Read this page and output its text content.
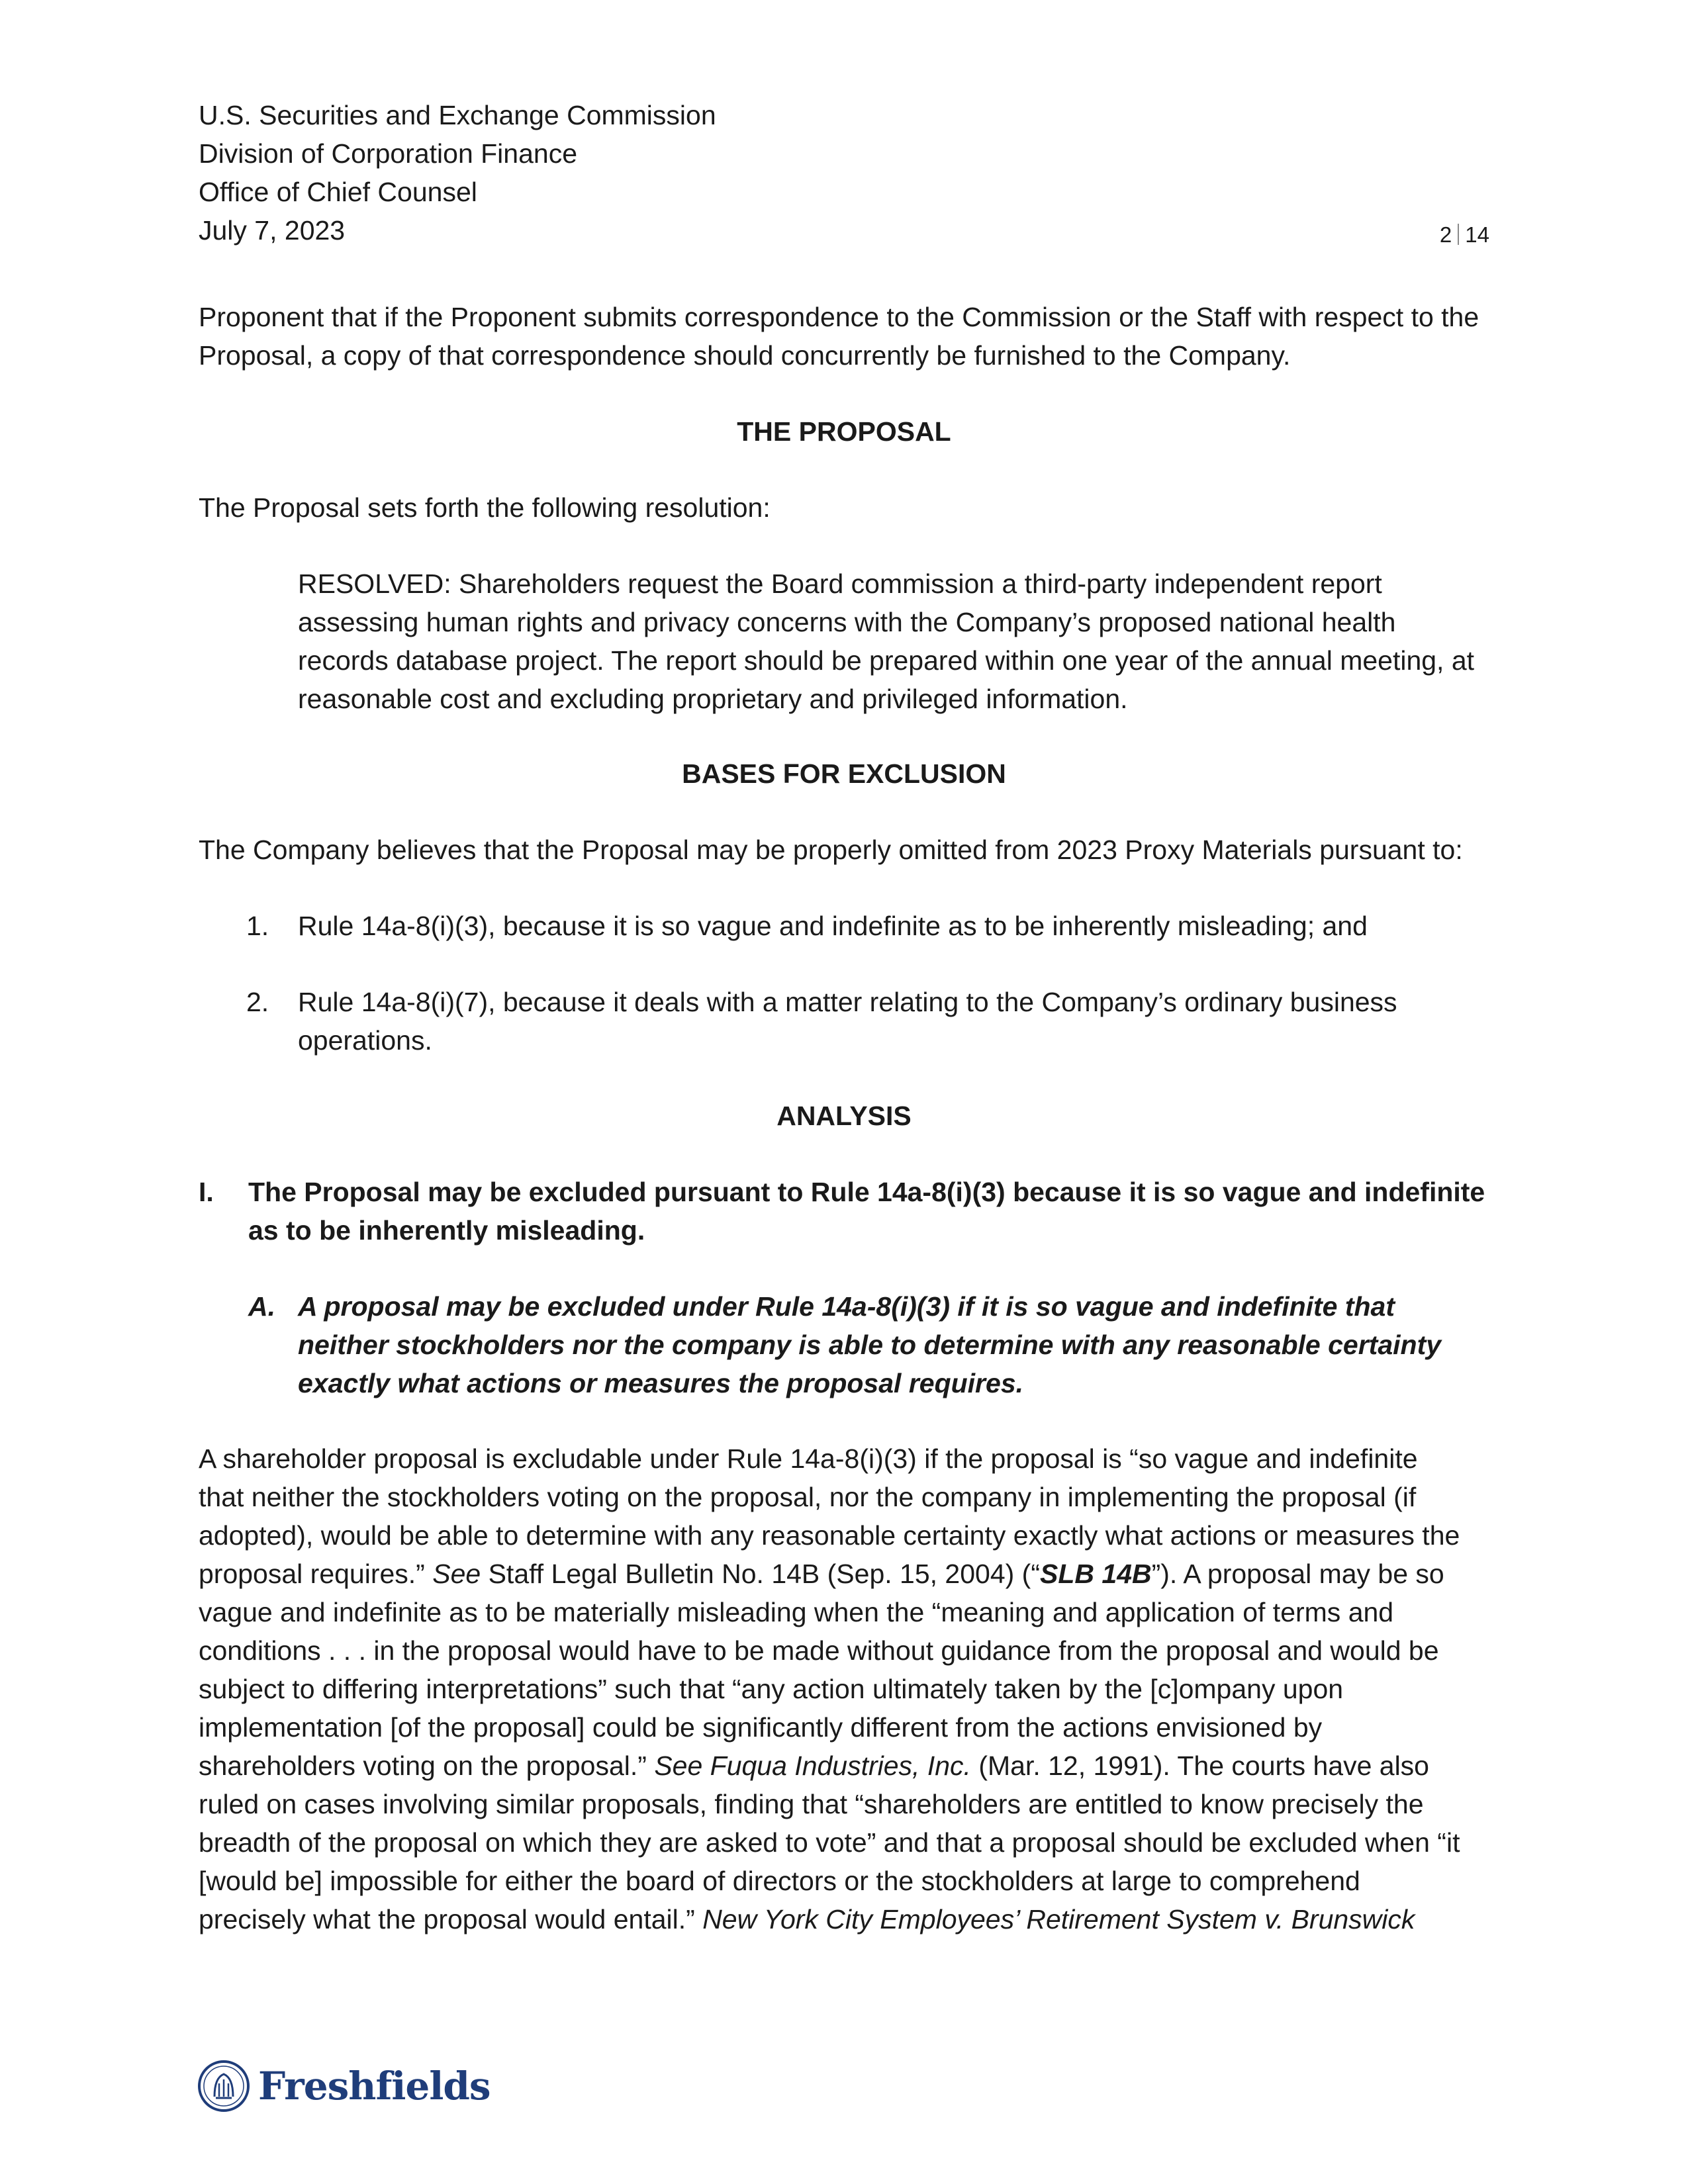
U.S. Securities and Exchange Commission
Division of Corporation Finance
Office of Chief Counsel
July 7, 2023	2 14
Proponent that if the Proponent submits correspondence to the Commission or the Staff with respect to the Proposal, a copy of that correspondence should concurrently be furnished to the Company.
THE PROPOSAL
The Proposal sets forth the following resolution:
RESOLVED: Shareholders request the Board commission a third-party independent report assessing human rights and privacy concerns with the Company’s proposed national health records database project. The report should be prepared within one year of the annual meeting, at reasonable cost and excluding proprietary and privileged information.
BASES FOR EXCLUSION
The Company believes that the Proposal may be properly omitted from 2023 Proxy Materials pursuant to:
1. Rule 14a-8(i)(3), because it is so vague and indefinite as to be inherently misleading; and
2. Rule 14a-8(i)(7), because it deals with a matter relating to the Company’s ordinary business operations.
ANALYSIS
I. The Proposal may be excluded pursuant to Rule 14a-8(i)(3) because it is so vague and indefinite as to be inherently misleading.
A. A proposal may be excluded under Rule 14a-8(i)(3) if it is so vague and indefinite that neither stockholders nor the company is able to determine with any reasonable certainty exactly what actions or measures the proposal requires.
A shareholder proposal is excludable under Rule 14a-8(i)(3) if the proposal is “so vague and indefinite
that neither the stockholders voting on the proposal, nor the company in implementing the proposal (if
adopted), would be able to determine with any reasonable certainty exactly what actions or measures the
proposal requires.” See Staff Legal Bulletin No. 14B (Sep. 15, 2004) (“SLB 14B”). A proposal may be so
vague and indefinite as to be materially misleading when the “meaning and application of terms and
conditions . . . in the proposal would have to be made without guidance from the proposal and would be
subject to differing interpretations” such that “any action ultimately taken by the [c]ompany upon
implementation [of the proposal] could be significantly different from the actions envisioned by
shareholders voting on the proposal.” See Fuqua Industries, Inc. (Mar. 12, 1991). The courts have also
ruled on cases involving similar proposals, finding that “shareholders are entitled to know precisely the
breadth of the proposal on which they are asked to vote” and that a proposal should be excluded when “it
[would be] impossible for either the board of directors or the stockholders at large to comprehend
precisely what the proposal would entail.” New York City Employees’ Retirement System v. Brunswick
Freshfields
